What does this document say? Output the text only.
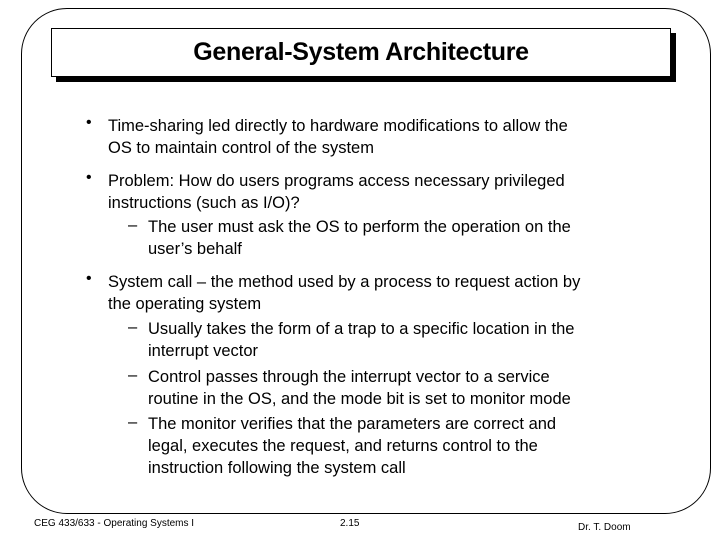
General-System Architecture
• Time-sharing led directly to hardware modifications to allow the
OS to maintain control of the system
• Problem: How do users programs access necessary privileged
instructions (such as I/O)?
– The user must ask the OS to perform the operation on the
user’s behalf
• System call – the method used by a process to request action by
the operating system
– Usually takes the form of a trap to a specific location in the
interrupt vector
– Control passes through the interrupt vector to a service
routine in the OS, and the mode bit is set to monitor mode
– The monitor verifies that the parameters are correct and
legal, executes the request, and returns control to the
instruction following the system call
CEG 433/633 - Operating Systems I	2.15	Dr. T. Doom
